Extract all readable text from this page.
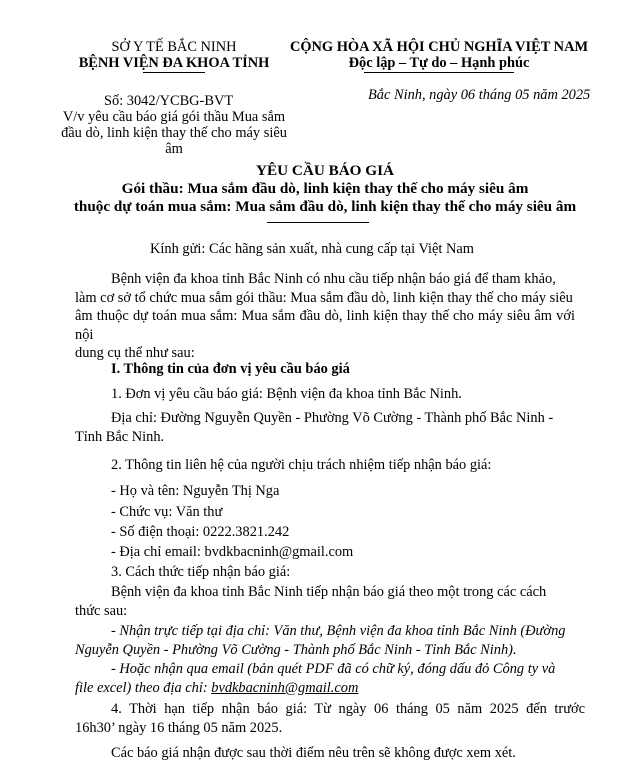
SỞ Y TẾ BẮC NINH
BỆNH VIỆN ĐA KHOA TỈNH
CỘNG HÒA XÃ HỘI CHỦ NGHĨA VIỆT NAM
Độc lập – Tự do – Hạnh phúc
Số: 3042/YCBG-BVT
V/v yêu cầu báo giá gói thầu Mua sắm đầu dò, linh kiện thay thế cho máy siêu âm
Bắc Ninh, ngày 06 tháng 05 năm 2025
YÊU CẦU BÁO GIÁ
Gói thầu: Mua sắm đầu dò, linh kiện thay thế cho máy siêu âm
thuộc dự toán mua sắm: Mua sắm đầu dò, linh kiện thay thế cho máy siêu âm
Kính gửi: Các hãng sản xuất, nhà cung cấp tại Việt Nam
Bệnh viện đa khoa tỉnh Bắc Ninh có nhu cầu tiếp nhận báo giá để tham khảo,
làm cơ sở tổ chức mua sắm gói thầu: Mua sắm đầu dò, linh kiện thay thế cho máy siêu
âm thuộc dự toán mua sắm: Mua sắm đầu dò, linh kiện thay thế cho máy siêu âm với nội
dung cụ thể như sau:
I. Thông tin của đơn vị yêu cầu báo giá
1. Đơn vị yêu cầu báo giá: Bệnh viện đa khoa tỉnh Bắc Ninh.
Địa chỉ: Đường Nguyễn Quyền - Phường Võ Cường - Thành phố Bắc Ninh -
Tỉnh Bắc Ninh.
2. Thông tin liên hệ của người chịu trách nhiệm tiếp nhận báo giá:
- Họ và tên: Nguyễn Thị Nga
- Chức vụ: Văn thư
- Số điện thoại: 0222.3821.242
- Địa chỉ email: bvdkbacninh@gmail.com
3. Cách thức tiếp nhận báo giá:
Bệnh viện đa khoa tỉnh Bắc Ninh tiếp nhận báo giá theo một trong các cách
thức sau:
- Nhận trực tiếp tại địa chỉ: Văn thư, Bệnh viện đa khoa tỉnh Bắc Ninh (Đường
Nguyễn Quyền - Phường Võ Cường - Thành phố Bắc Ninh - Tỉnh Bắc Ninh).
- Hoặc nhận qua email (bản quét PDF đã có chữ ký, đóng dấu đỏ Công ty và
file excel) theo địa chỉ: bvdkbacninh@gmail.com
4. Thời hạn tiếp nhận báo giá: Từ ngày 06 tháng 05 năm 2025 đến trước
16h30’ ngày 16 tháng 05 năm 2025.
Các báo giá nhận được sau thời điểm nêu trên sẽ không được xem xét.
